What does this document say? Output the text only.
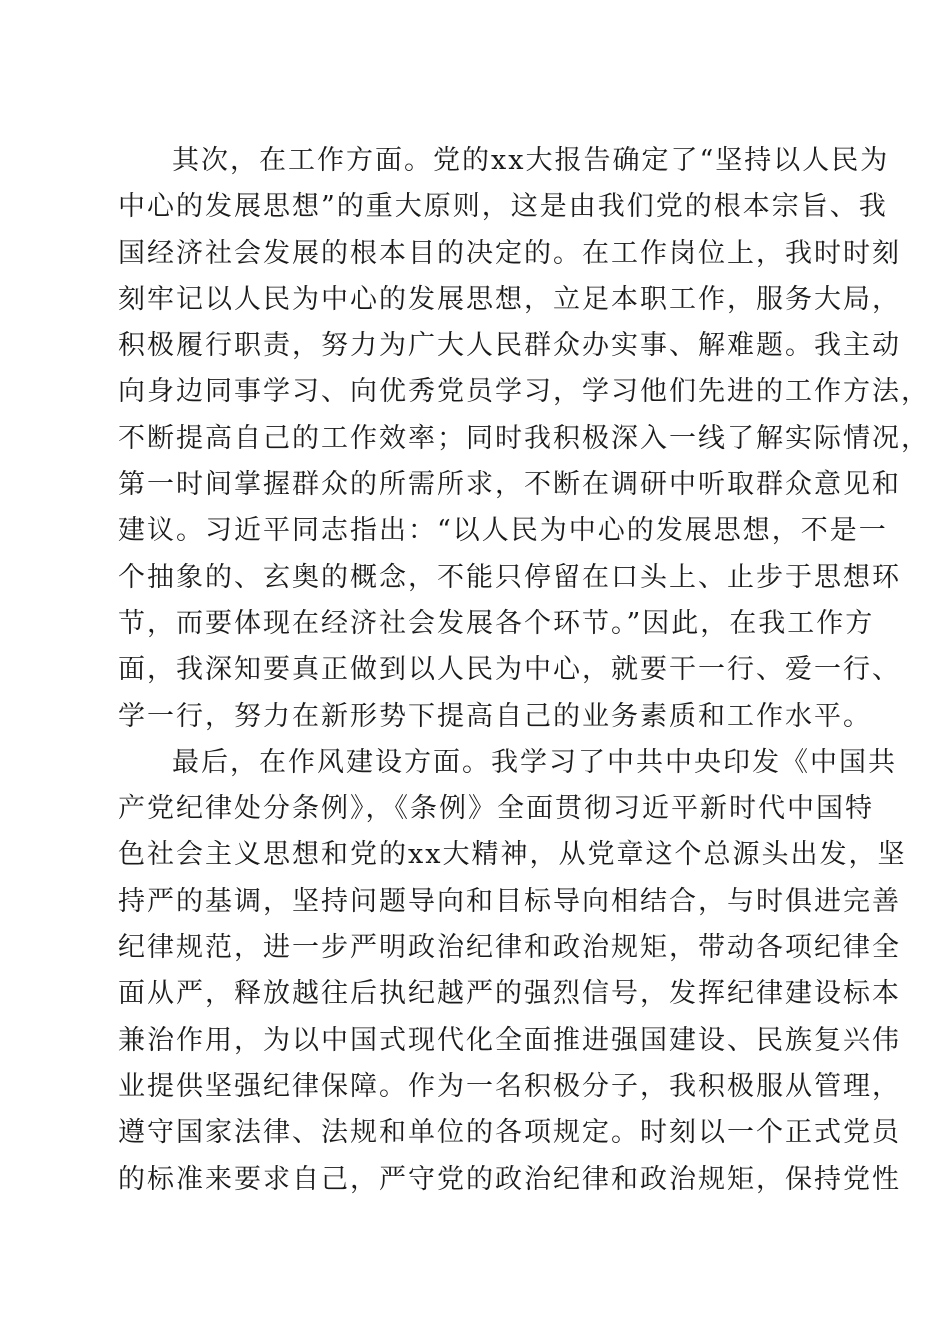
其次，在工作方面。党的xx大报告确定了“坚持以人民为
中心的发展思想”的重大原则，这是由我们党的根本宗旨、我
国经济社会发展的根本目的决定的。在工作岗位上，我时时刻
刻牢记以人民为中心的发展思想，立足本职工作，服务大局，
积极履行职责，努力为广大人民群众办实事、解难题。我主动
向身边同事学习、向优秀党员学习，学习他们先进的工作方法，
不断提高自己的工作效率；同时我积极深入一线了解实际情况，
第一时间掌握群众的所需所求，不断在调研中听取群众意见和
建议。习近平同志指出：“以人民为中心的发展思想，不是一
个抽象的、玄奥的概念，不能只停留在口头上、止步于思想环
节，而要体现在经济社会发展各个环节。”因此，在我工作方
面，我深知要真正做到以人民为中心，就要干一行、爱一行、
学一行，努力在新形势下提高自己的业务素质和工作水平。
最后，在作风建设方面。我学习了中共中央印发《中国共
产党纪律处分条例》，《条例》全面贯彻习近平新时代中国特
色社会主义思想和党的xx大精神，从党章这个总源头出发，坚
持严的基调，坚持问题导向和目标导向相结合，与时俱进完善
纪律规范，进一步严明政治纪律和政治规矩，带动各项纪律全
面从严，释放越往后执纪越严的强烈信号，发挥纪律建设标本
兼治作用，为以中国式现代化全面推进强国建设、民族复兴伟
业提供坚强纪律保障。作为一名积极分子，我积极服从管理，
遵守国家法律、法规和单位的各项规定。时刻以一个正式党员
的标准来要求自己，严守党的政治纪律和政治规矩，保持党性
